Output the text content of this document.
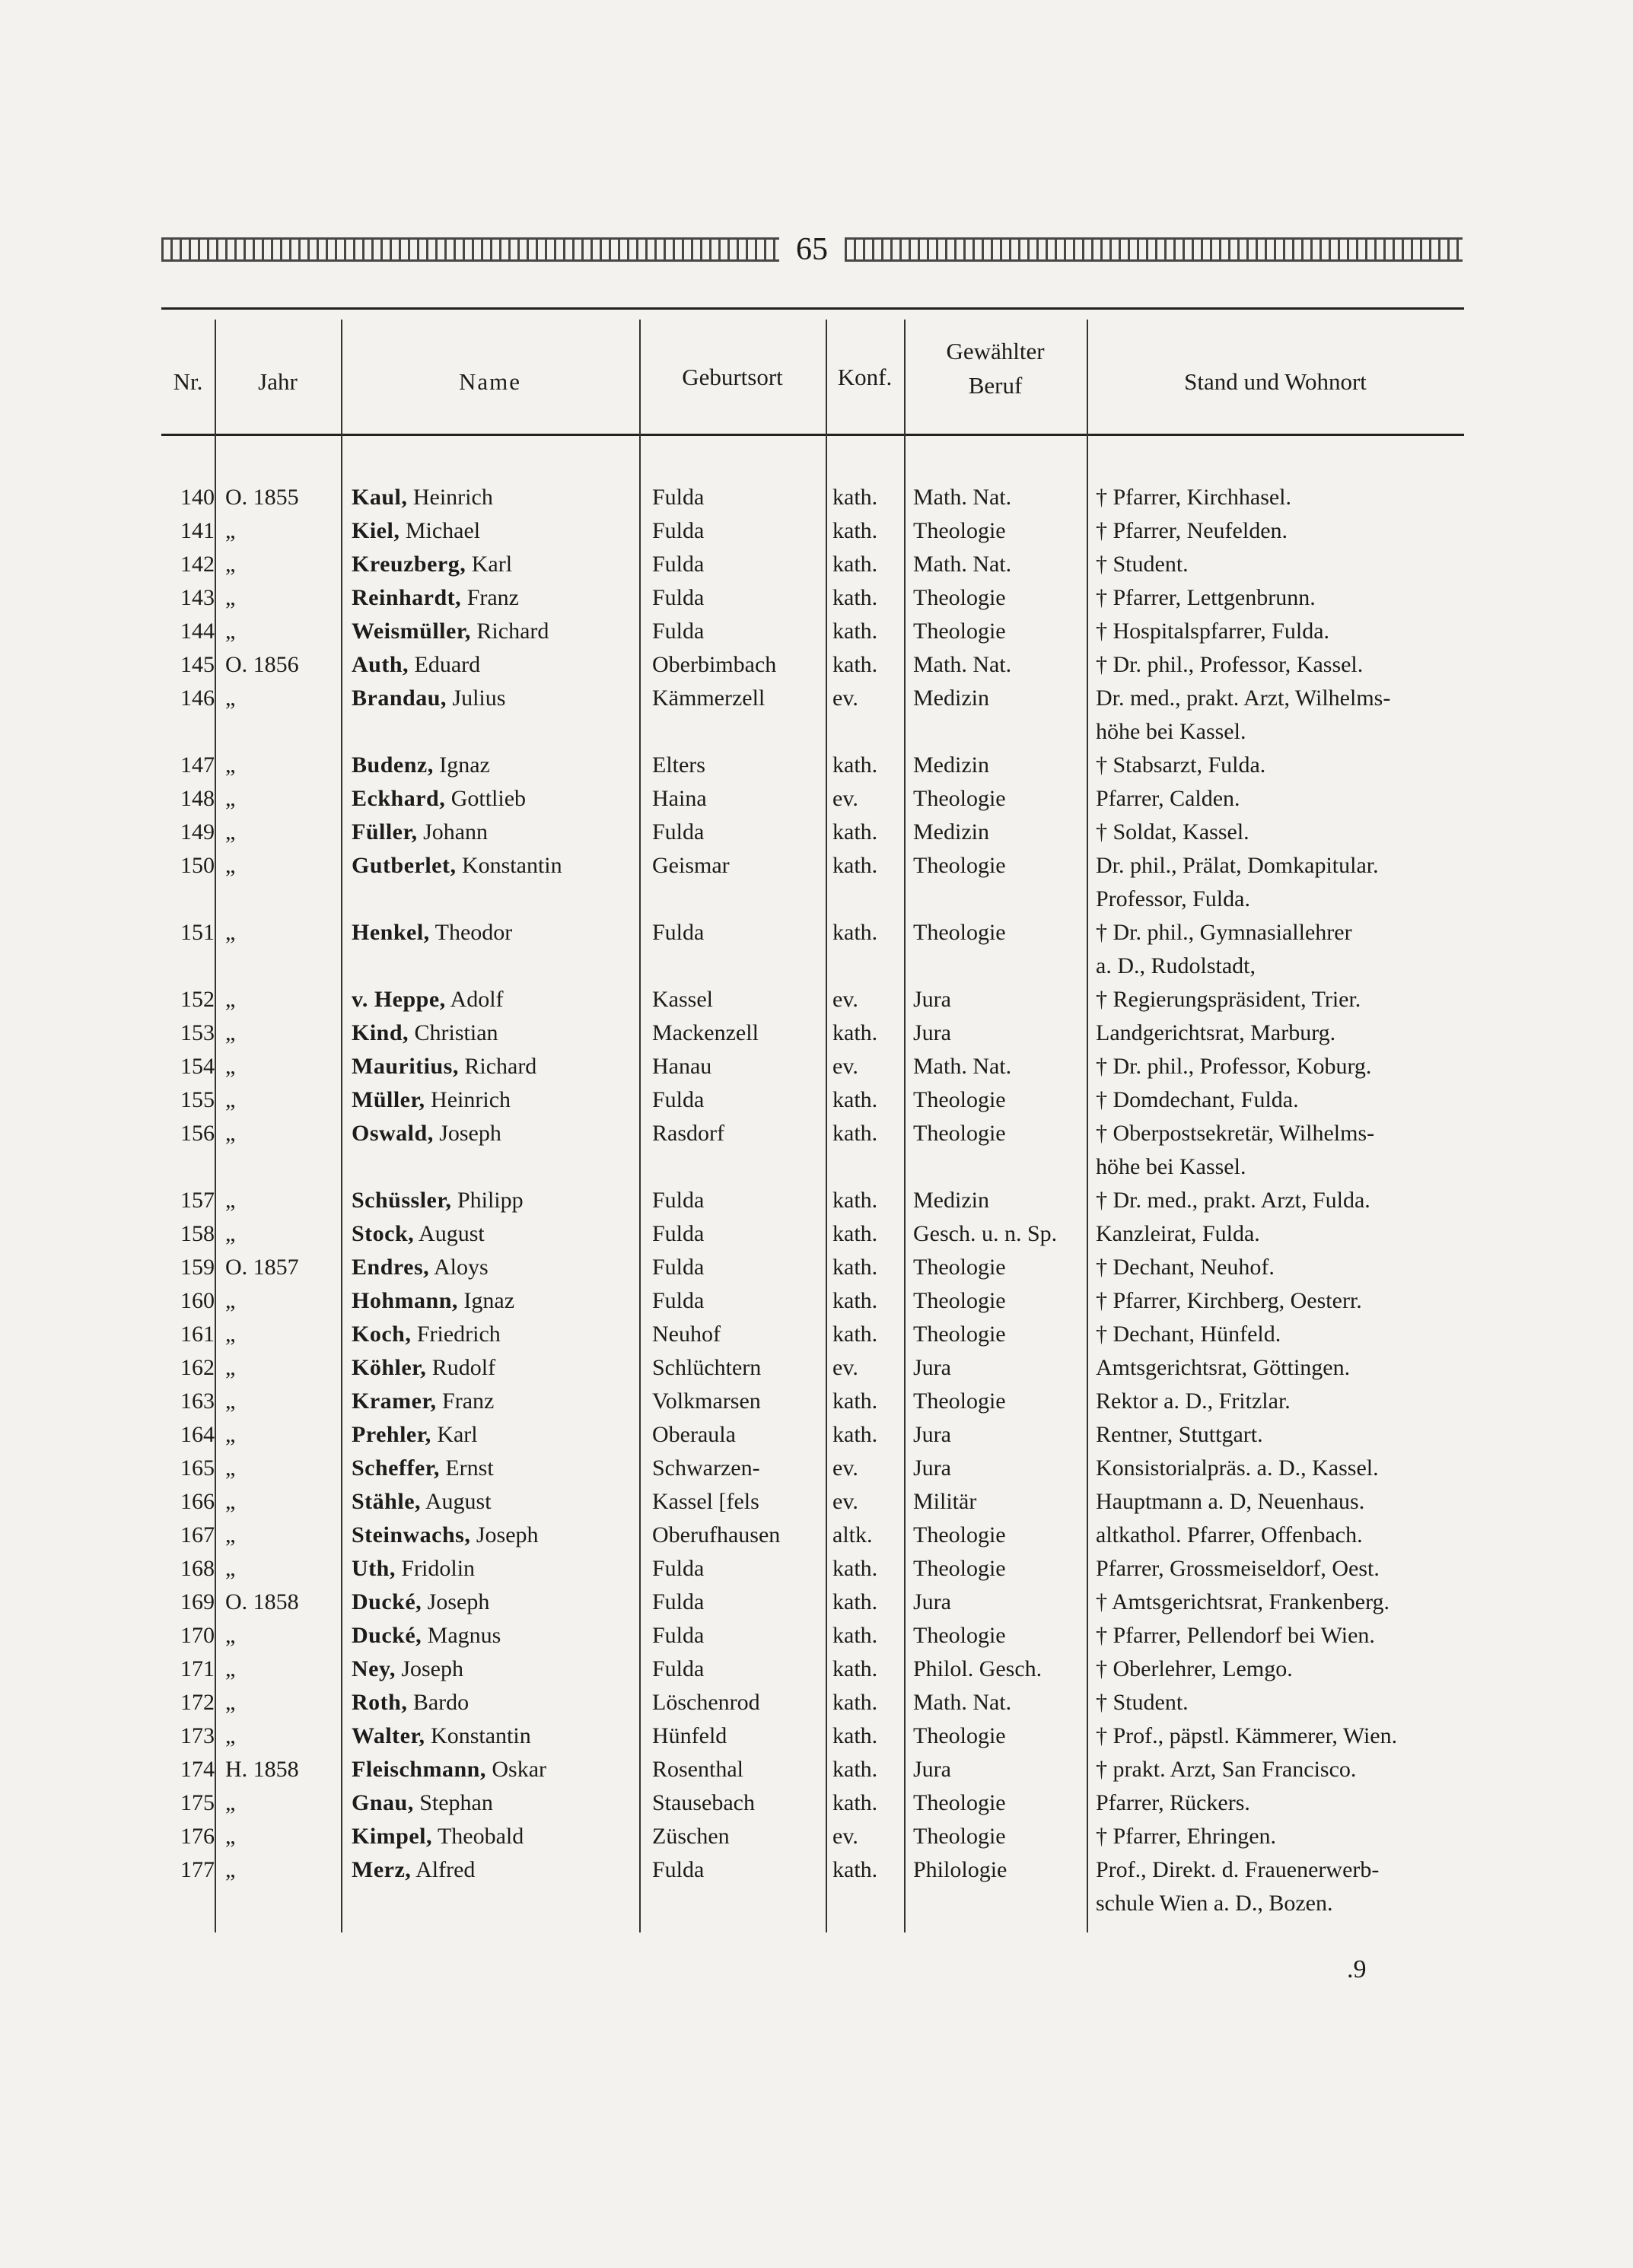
65
Nr.	Jahr	Name	Geburtsort	Konf.
Gewählter
Beruf	Stand und Wohnort
140 O. 1855	Kaul, Heinrich	Fulda	kath.	Math. Nat.	† Pfarrer, Kirchhasel.
141 „	Kiel, Michael	Fulda	kath.	Theologie	† Pfarrer, Neufelden.
142 „	Kreuzberg, Karl	Fulda	kath.	Math. Nat.	† Student.
143 „	Reinhardt, Franz	Fulda	kath.	Theologie	† Pfarrer, Lettgenbrunn.
144 „	Weismüller, Richard	Fulda	kath.	Theologie	† Hospitalspfarrer, Fulda.
145 O. 1856	Auth, Eduard	Oberbimbach	kath.	Math. Nat.	† Dr. phil., Professor, Kassel.
146 „	Brandau, Julius	Kämmerzell	ev.	Medizin	Dr. med., prakt. Arzt, Wilhelms-
höhe bei Kassel.
147 „	Budenz, Ignaz	Elters	kath.	Medizin	† Stabsarzt, Fulda.
148 „	Eckhard, Gottlieb	Haina	ev.	Theologie	Pfarrer, Calden.
149 „	Füller, Johann	Fulda	kath.	Medizin	† Soldat, Kassel.
150 „	Gutberlet, Konstantin	Geismar	kath.	Theologie	Dr. phil., Prälat, Domkapitular.
Professor, Fulda.
151 „	Henkel, Theodor	Fulda	kath.	Theologie	† Dr. phil., Gymnasiallehrer
a. D., Rudolstadt,
152 „	v. Heppe, Adolf	Kassel	ev.	Jura	† Regierungspräsident, Trier.
153 „	Kind, Christian	Mackenzell	kath.	Jura	Landgerichtsrat, Marburg.
154 „	Mauritius, Richard	Hanau	ev.	Math. Nat.	† Dr. phil., Professor, Koburg.
155 „	Müller, Heinrich	Fulda	kath.	Theologie	† Domdechant, Fulda.
156 „	Oswald, Joseph	Rasdorf	kath.	Theologie	† Oberpostsekretär, Wilhelms-
höhe bei Kassel.
157 „	Schüssler, Philipp	Fulda	kath.	Medizin	† Dr. med., prakt. Arzt, Fulda.
158 „	Stock, August	Fulda	kath.	Gesch. u. n. Sp.	Kanzleirat, Fulda.
159 O. 1857	Endres, Aloys	Fulda	kath.	Theologie	† Dechant, Neuhof.
160 „	Hohmann, Ignaz	Fulda	kath.	Theologie	† Pfarrer, Kirchberg, Oesterr.
161 „	Koch, Friedrich	Neuhof	kath.	Theologie	† Dechant, Hünfeld.
162 „	Köhler, Rudolf	Schlüchtern	ev.	Jura	Amtsgerichtsrat, Göttingen.
163 „	Kramer, Franz	Volkmarsen	kath.	Theologie	Rektor a. D., Fritzlar.
164 „	Prehler, Karl	Oberaula	kath.	Jura	Rentner, Stuttgart.
165 „	Scheffer, Ernst	Schwarzen-	ev.	Jura	Konsistorialpräs. a. D., Kassel.
166 „	Stähle, August	Kassel [fels	ev.	Militär	Hauptmann a. D, Neuenhaus.
167 „	Steinwachs, Joseph	Oberufhausen	altk.	Theologie	altkathol. Pfarrer, Offenbach.
168 „	Uth, Fridolin	Fulda	kath.	Theologie	Pfarrer, Grossmeiseldorf, Oest.
169 O. 1858	Ducké, Joseph	Fulda	kath.	Jura	† Amtsgerichtsrat, Frankenberg.
170 „	Ducké, Magnus	Fulda	kath.	Theologie	† Pfarrer, Pellendorf bei Wien.
171 „	Ney, Joseph	Fulda	kath.	Philol. Gesch.	† Oberlehrer, Lemgo.
172 „	Roth, Bardo	Löschenrod	kath.	Math. Nat.	† Student.
173 „	Walter, Konstantin	Hünfeld	kath.	Theologie	† Prof., päpstl. Kämmerer, Wien.
174 H. 1858	Fleischmann, Oskar	Rosenthal	kath.	Jura	† prakt. Arzt, San Francisco.
175 „	Gnau, Stephan	Stausebach	kath.	Theologie	Pfarrer, Rückers.
176 „	Kimpel, Theobald	Züschen	ev.	Theologie	† Pfarrer, Ehringen.
177 „	Merz, Alfred	Fulda	kath.	Philologie	Prof., Direkt. d. Frauenerwerb-
schule Wien a. D., Bozen.
.9
